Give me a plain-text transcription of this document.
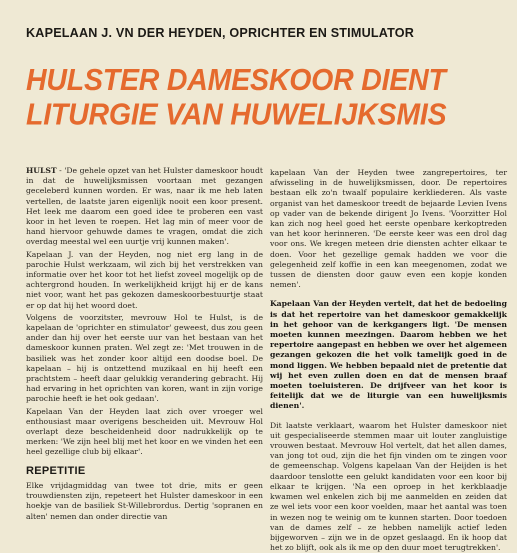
KAPELAAN J. VN DER HEYDEN, OPRICHTER EN STIMULATOR
HULSTER DAMESKOOR DIENT
LITURGIE VAN HUWELIJKSMIS

HULST - 'De gehele opzet van het Hulster dameskoor houdt in dat de huwelijksmissen voortaan met gezangen geceleberd kunnen worden. Er was, naar ik me heb laten vertellen, de laatste jaren eigenlijk nooit een koor present. Het leek me daarom een goed idee te proberen een vast koor in het leven te roepen. Het lag min of meer voor de hand hiervoor gehuwde dames te vragen, omdat die zich overdag meestal wel een uurtje vrij kunnen maken'.

Kapelaan J. van der Heyden, nog niet erg lang in de parochie Hulst werkzaam, wil zich bij het verstrekken van informatie over het koor tot het liefst zoveel mogelijk op de achtergrond houden. In werkelijkheid krijgt hij er de kans niet voor, want het pas gekozen dameskoorbestuurtje staat er op dat hij het woord doet.

Volgens de voorzitster, mevrouw Hol te Hulst, is de kapelaan de 'oprichter en stimulator' geweest, dus zou geen ander dan hij over het eerste uur van het bestaan van het dameskoor kunnen praten. Wel zegt ze: 'Met trouwen in de basiliek was het zonder koor altijd een doodse boel. De kapelaan – hij is ontzettend muzikaal en hij heeft een prachtstem – heeft daar gelukkig verandering gebracht. Hij had ervaring in het oprichten van koren, want in zijn vorige parochie heeft ie het ook gedaan'.

Kapelaan Van der Heyden laat zich over vroeger wel enthousiast maar overigens bescheiden uit. Mevrouw Hol overlapt deze bescheidenheid door nadrukkelijk op te merken: 'We zijn heel blij met het koor en we vinden het een heel gezellige club bij elkaar'.

REPETITIE

Elke vrijdagmiddag van twee tot drie, mits er geen trouwdiensten zijn, repeteert het Hulster dameskoor in een hoekje van de basiliek St-Willebrordus. Dertig 'sopranen en alten' nemen dan onder directie van

kapelaan Van der Heyden twee zangrepertoires, ter afwisseling in de huwelijksmissen, door. De repertoires bestaan elk zo'n twaalf populaire kerkliederen. Als vaste organist van het dameskoor treedt de bejaarde Levien Ivens op vader van de bekende dirigent Jo Ivens. 'Voorzitter Hol kan zich nog heel goed het eerste openbare kerkoptreden van het koor herinneren. 'De eerste keer was een drol dag voor ons. We kregen meteen drie diensten achter elkaar te doen. Voor het gezellige gemak hadden we voor die gelegenheid zelf koffie in een kan meegenomen, zodat we tussen de diensten door gauw even een kopje konden nemen'.

Kapelaan Van der Heyden vertelt, dat het de bedoeling is dat het repertoire van het dameskoor gemakkelijk in het gehoor van de kerkgangers ligt. 'De mensen moeten kunnen meezingen. Daarom hebben we het repertoire aangepast en hebben we over het algemeen gezangen gekozen die het volk tamelijk goed in de mond liggen. We hebben bepaald niet de pretentie dat wij het even zullen doen en dat de mensen braaf moeten toeluisteren. De drijfveer van het koor is feitelijk dat we de liturgie van een huwelijksmis dienen'.

Dit laatste verklaart, waarom het Hulster dameskoor niet uit gespecialiseerde stemmen maar uit louter zangluistige vrouwen bestaat. Mevrouw Hol vertelt, dat het allen dames, van jong tot oud, zijn die het fijn vinden om te zingen voor de gemeenschap. Volgens kapelaan Van der Heijden is het daardoor tenslotte een gelukt kandidaten voor een koor bij elkaar te krijgen. 'Na een oproep in het kerkblaadje kwamen wel enkelen zich bij me aanmelden en zeiden dat ze wel iets voor een koor voelden, maar het aantal was toen in wezen nog te weinig om te kunnen starten. Door toedoen van de dames zelf – ze hebben namelijk actief leden bijgeworven – zijn we in de opzet geslaagd. En ik hoop dat het zo blijft, ook als ik me op den duur moet terugtrekken'.
